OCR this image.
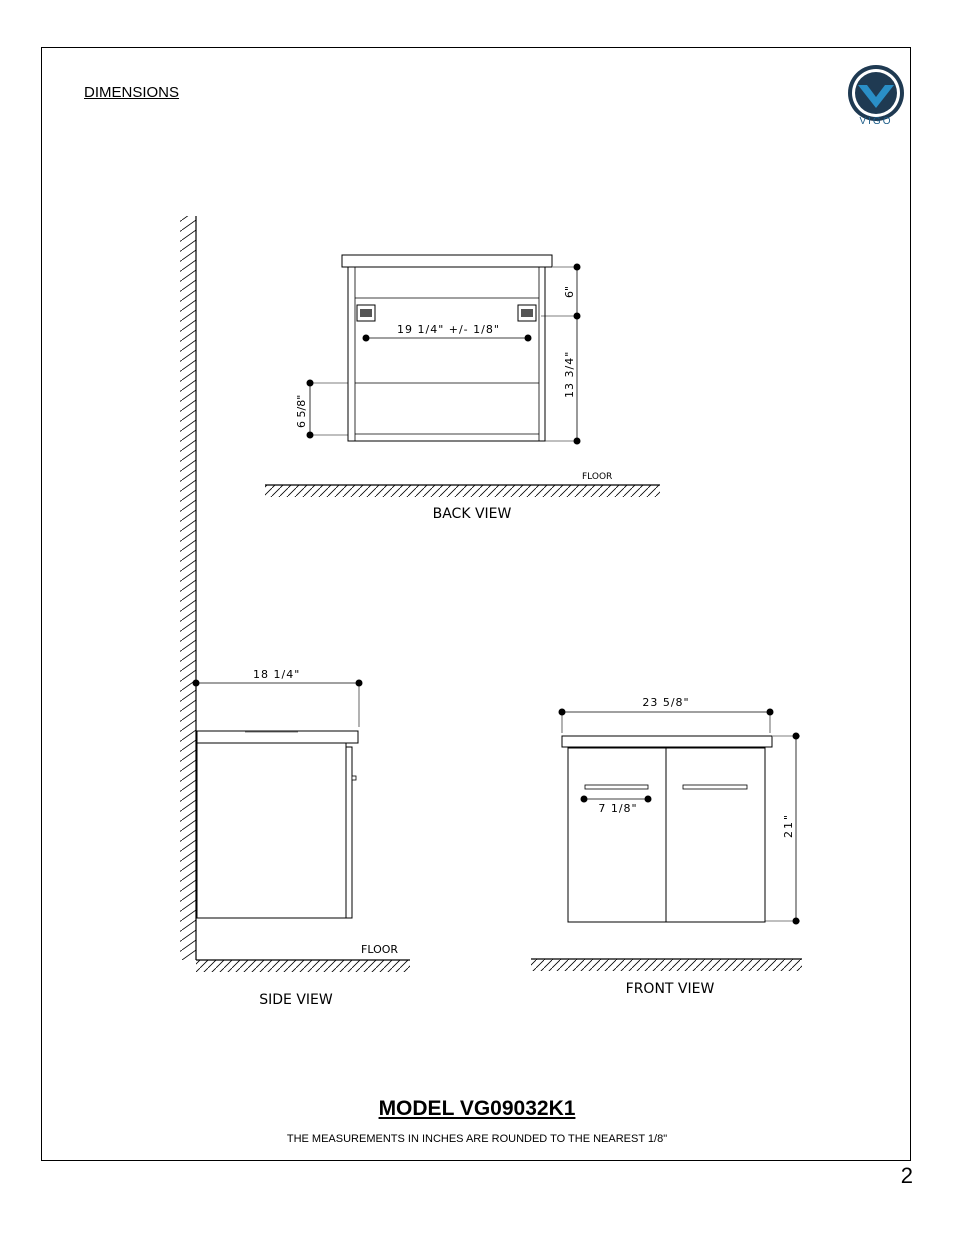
DIMENSIONS
VIGO
19 1/4" +/- 1/8"
6"
13 3/4"
6 5/8"
FLOOR
BACK VIEW
18 1/4"
FLOOR
SIDE VIEW
23 5/8"
7 1/8"
21"
FRONT VIEW
MODEL VG09032K1
THE MEASUREMENTS IN INCHES ARE ROUNDED TO THE NEAREST 1/8"
2
